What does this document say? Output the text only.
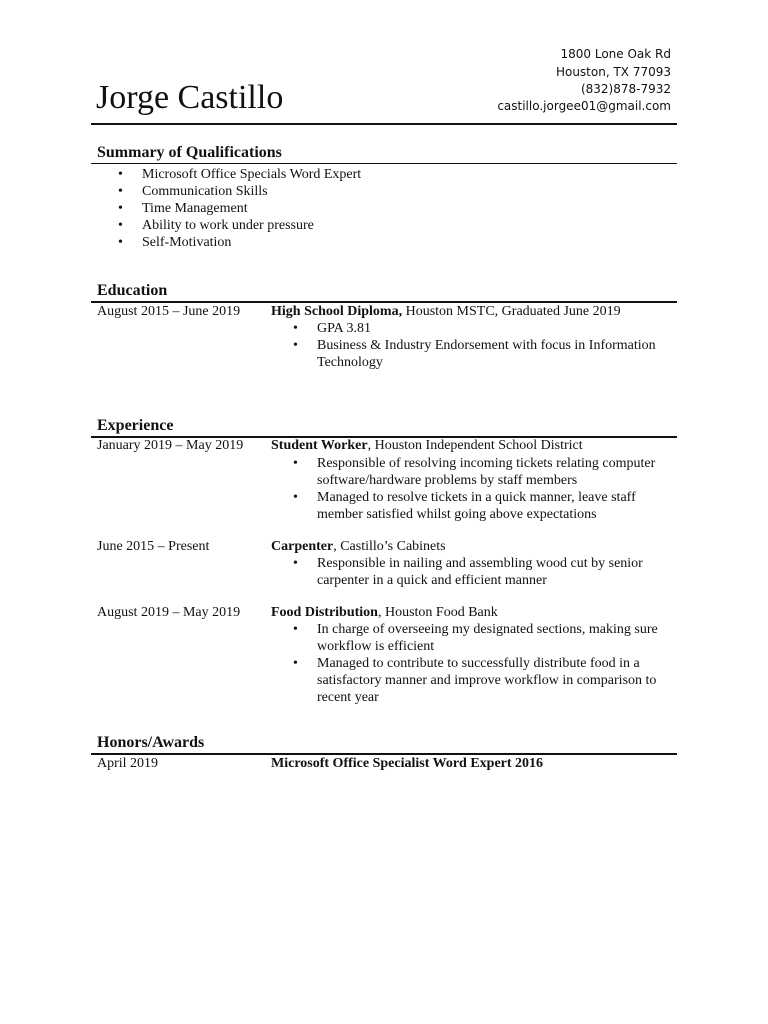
1800 Lone Oak Rd
Houston, TX 77093
(832)878-7932
castillo.jorgee01@gmail.com
Jorge Castillo
Summary of Qualifications
• Microsoft Office Specials Word Expert
• Communication Skills
• Time Management
• Ability to work under pressure
• Self-Motivation
Education
August 2015 – June 2019 High School Diploma, Houston MSTC, Graduated June 2019
• GPA 3.81
• Business & Industry Endorsement with focus in Information Technology
Experience
January 2019 – May 2019 Student Worker, Houston Independent School District
• Responsible of resolving incoming tickets relating computer software/hardware problems by staff members
• Managed to resolve tickets in a quick manner, leave staff member satisfied whilst going above expectations
June 2015 – Present	Carpenter, Castillo’s Cabinets
• Responsible in nailing and assembling wood cut by senior carpenter in a quick and efficient manner
August 2019 – May 2019 Food Distribution, Houston Food Bank
• In charge of overseeing my designated sections, making sure workflow is efficient
• Managed to contribute to successfully distribute food in a satisfactory manner and improve workflow in comparison to recent year
Honors/Awards
April 2019	Microsoft Office Specialist Word Expert 2016
